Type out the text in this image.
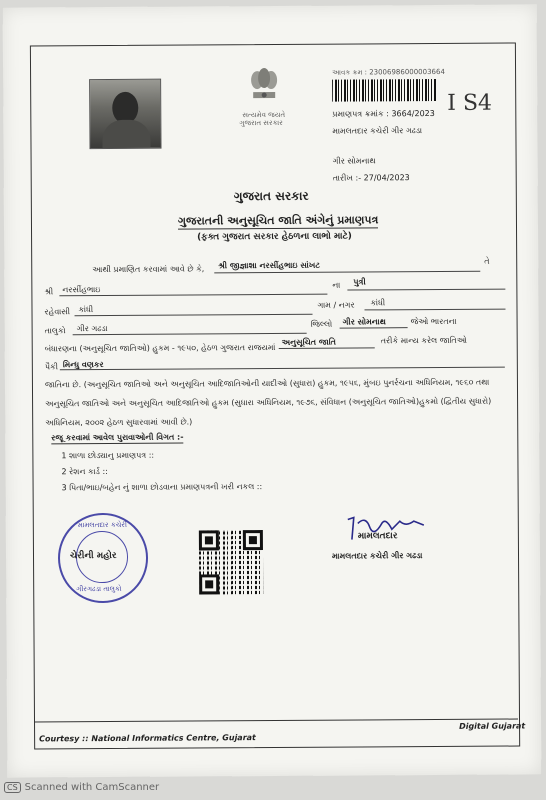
સત્યમેવ જયતે
ગુજરાત સરકાર
આવક ક્રમ : 230069860000036​64
પ્રમાણપત્ર ક્રમાંક : 3664/2023
મામલતદાર કચેરી ગીર ગઢડા
I S4
ગીર સોમનાથ
તારીખ :- 27/04/2023
ગુજરાત સરકાર
ગુજરાતની અનુસૂચિત જાતિ અંગેનું પ્રમાણપત્ર
(ફક્ત ગુજરાત સરકાર હેઠળના લાભો માટે)
આથી પ્રમાણિત કરવામાં આવે છે કે, શ્રી જીજ્ઞાશા નરસીંહભાઇ સાંખટ	તે
શ્રી નરસીંહભાઇ	ના પુત્રી
રહેવાસી કાંધી	ગામ / નગર કાંધી
તાલુકો ગીર ગઢડા	જિલ્લો ગીર સોમનાથ	જેઓ ભારતના
બંધારણના (અનુસૂચિત જાતિઓ) હુકમ - ૧૯૫૦, હેઠળ ગુજરાત રાજયમાં
અનુસૂચિત જાતિ	તરીકે માન્ય કરેલ જાતિઓ
પૈકી મિન્ધુ વણકર
જાતિના છે. (અનુસૂચિત જાતિઓ અને અનુસૂચિત આદિજાતિઓની યાદીઓ (સુધારા) હુકમ, ૧૯૫૬, મુંબઇ પુનર્રચના અધિનિયમ, ૧૯૬૦ તથા અનુસૂચિત જાતિઓ અને અનુસૂચિત આદિજાતિઓ હુકમ (સુધારા અધિનિયમ, ૧૯૭૬, સંવિધાન (અનુસૂચિત જાતિઓ)હુકમો (દ્વિતીય સુધારો) અધિનિયમ, ૨૦૦૨ હેઠળ સુધારવામાં આવી છે.)
રજૂ કરવામાં આવેલ પુરાવાઓની વિગત :-
1 શાળા છોડ્યાનુ પ્રમાણપત્ર ::
2 રેશન કાર્ડ ::
3 પિતા/ભાઇ/બહેન નું શાળા છોડવાના પ્રમાણપત્રની ખરી નકલ ::
મામલતદાર કચેરી
ચેરીની મહોર
ગીરગઢડા તાલુકો
મામલતદાર
મામલતદાર કચેરી ગીર ગઢડા
Courtesy :: National Informatics Centre, Gujarat
Digital Gujarat
CS Scanned with CamScanner
